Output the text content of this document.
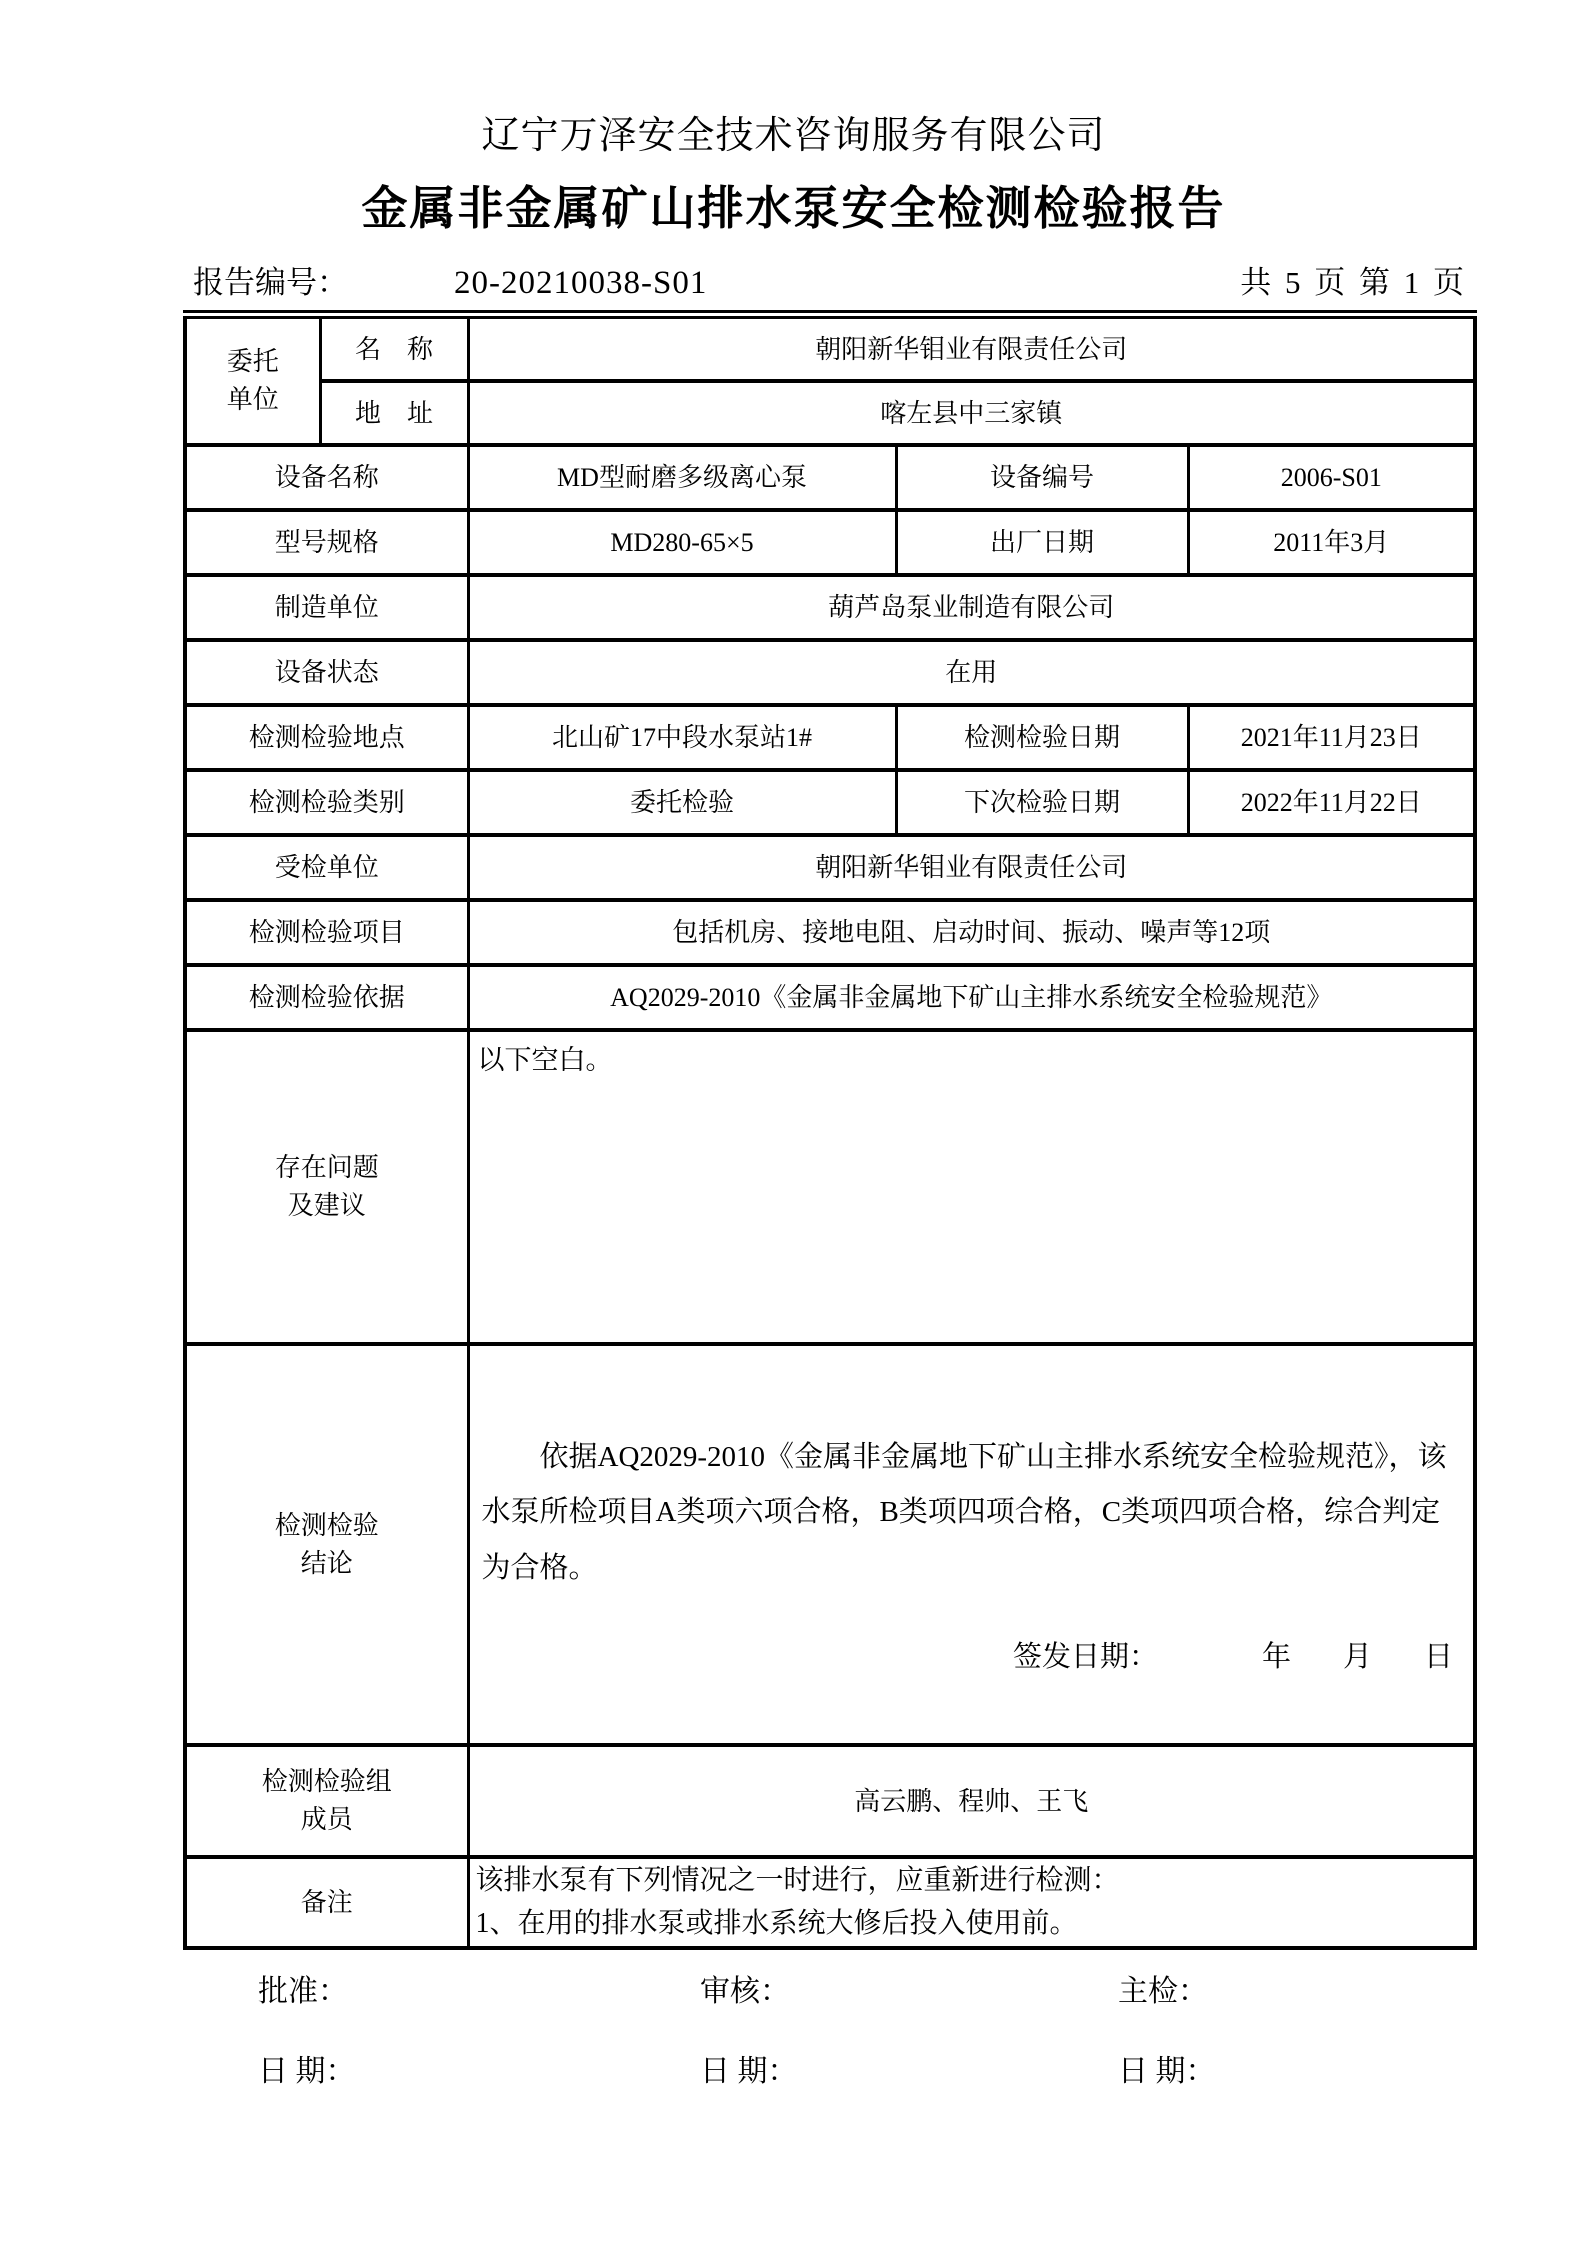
辽宁万泽安全技术咨询服务有限公司
金属非金属矿山排水泵安全检测检验报告
报告编号：	20-20210038-S01	共 5 页 第 1 页
委托
单位	名　称	朝阳新华钼业有限责任公司		
	地　址	喀左县中三家镇		
设备名称		MD型耐磨多级离心泵	设备编号	2006-S01
型号规格		MD280-65×5	出厂日期	2011年3月
制造单位		葫芦岛泵业制造有限公司		
设备状态		在用		
检测检验地点		北山矿17中段水泵站1#	检测检验日期	2021年11月23日
检测检验类别		委托检验	下次检验日期	2022年11月22日
受检单位		朝阳新华钼业有限责任公司		
检测检验项目		包括机房、接地电阻、启动时间、振动、噪声等12项		
检测检验依据		AQ2029-2010《金属非金属地下矿山主排水系统安全检验规范》		

存在问题
及建议		以下空白。		

检测检验
结论

依据AQ2029-2010《金属非金属地下矿山主排水系统安全检验规范》，该水泵所检项目A类项六项合格，B类项四项合格，C类项四项合格，综合判定为合格。
签发日期：	年 月 日

检测检验组
成员		高云鹏、程帅、王飞		
备注		该排水泵有下列情况之一时进行，应重新进行检测：
1、在用的排水泵或排水系统大修后投入使用前。		
批准：	审核：	主检：
日 期：	日 期：	日 期：
